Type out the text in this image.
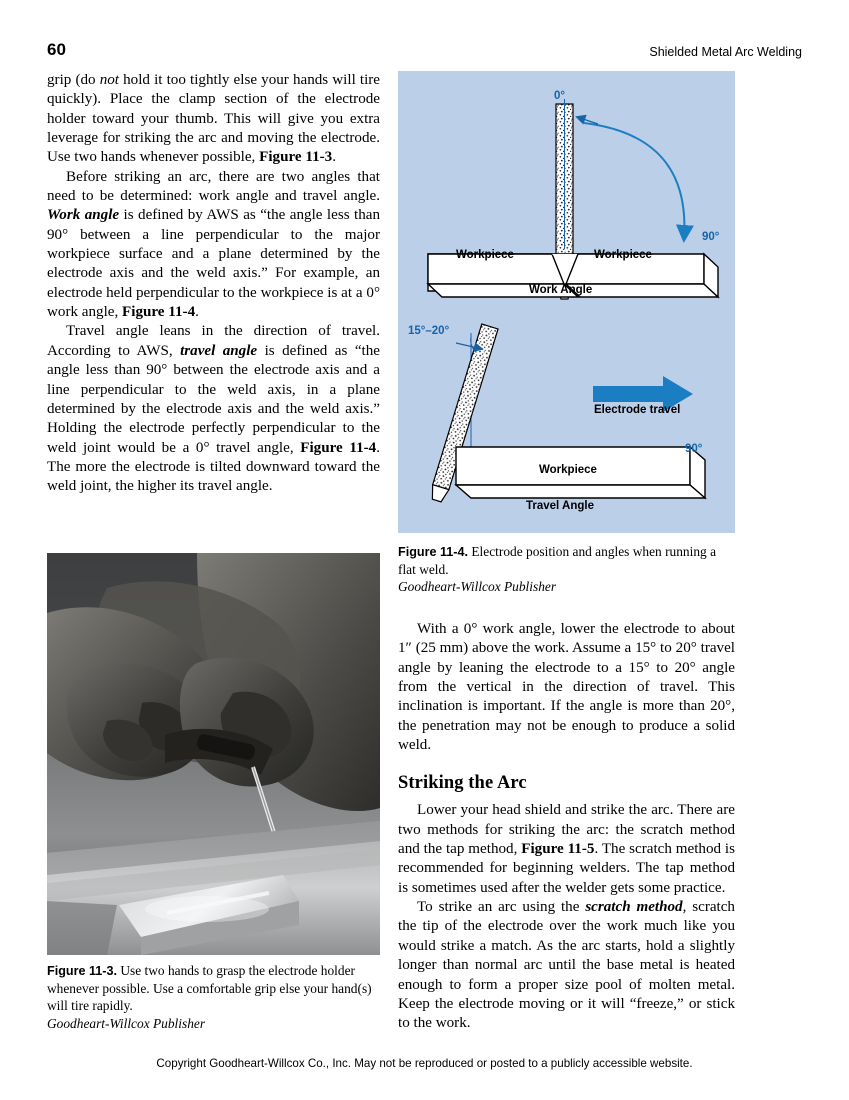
60	Shielded Metal Arc Welding

grip (do not hold it too tightly else your hands will tire quickly). Place the clamp section of the electrode holder toward your thumb. This will give you extra leverage for striking the arc and moving the electrode. Use two hands whenever possible, Figure 11-3.

Before striking an arc, there are two angles that need to be determined: work angle and travel angle. Work angle is defined by AWS as “the angle less than 90° between a line perpendicular to the major workpiece surface and a plane determined by the electrode axis and the weld axis.” For example, an electrode held perpendicular to the workpiece is at a 0° work angle, Figure 11-4.

Travel angle leans in the direction of travel. According to AWS, travel angle is defined as “the angle less than 90° between the electrode axis and a line perpendicular to the weld axis, in a plane determined by the electrode axis and the weld axis.” Holding the electrode perfectly perpendicular to the weld joint would be a 0° travel angle, Figure 11-4. The more the electrode is tilted downward toward the weld joint, the higher its travel angle.

0°
90°
Workpiece	Workpiece
Work Angle
15°–20°
Electrode travel
90°
Workpiece
Travel Angle

Figure 11-4. Electrode position and angles when running a flat weld.

Goodheart-Willcox Publisher

With a 0° work angle, lower the electrode to about 1″ (25 mm) above the work. Assume a 15° to 20° travel angle by leaning the electrode to a 15° to 20° angle from the vertical in the direction of travel. This inclination is important. If the angle is more than 20°, the penetration may not be enough to produce a solid weld.

Striking the Arc

Lower your head shield and strike the arc. There are two methods for striking the arc: the scratch method and the tap method, Figure 11-5. The scratch method is recommended for beginning welders. The tap method is sometimes used after the welder gets some practice.

To strike an arc using the scratch method, scratch the tip of the electrode over the work much like you would strike a match. As the arc starts, hold a slightly longer than normal arc until the base metal is heated enough to form a proper size pool of molten metal. Keep the electrode moving or it will “freeze,” or stick to the work.

Figure 11-3. Use two hands to grasp the electrode holder whenever possible. Use a comfortable grip else your hand(s) will tire rapidly.

Goodheart-Willcox Publisher

Copyright Goodheart-Willcox Co., Inc. May not be reproduced or posted to a publicly accessible website.
